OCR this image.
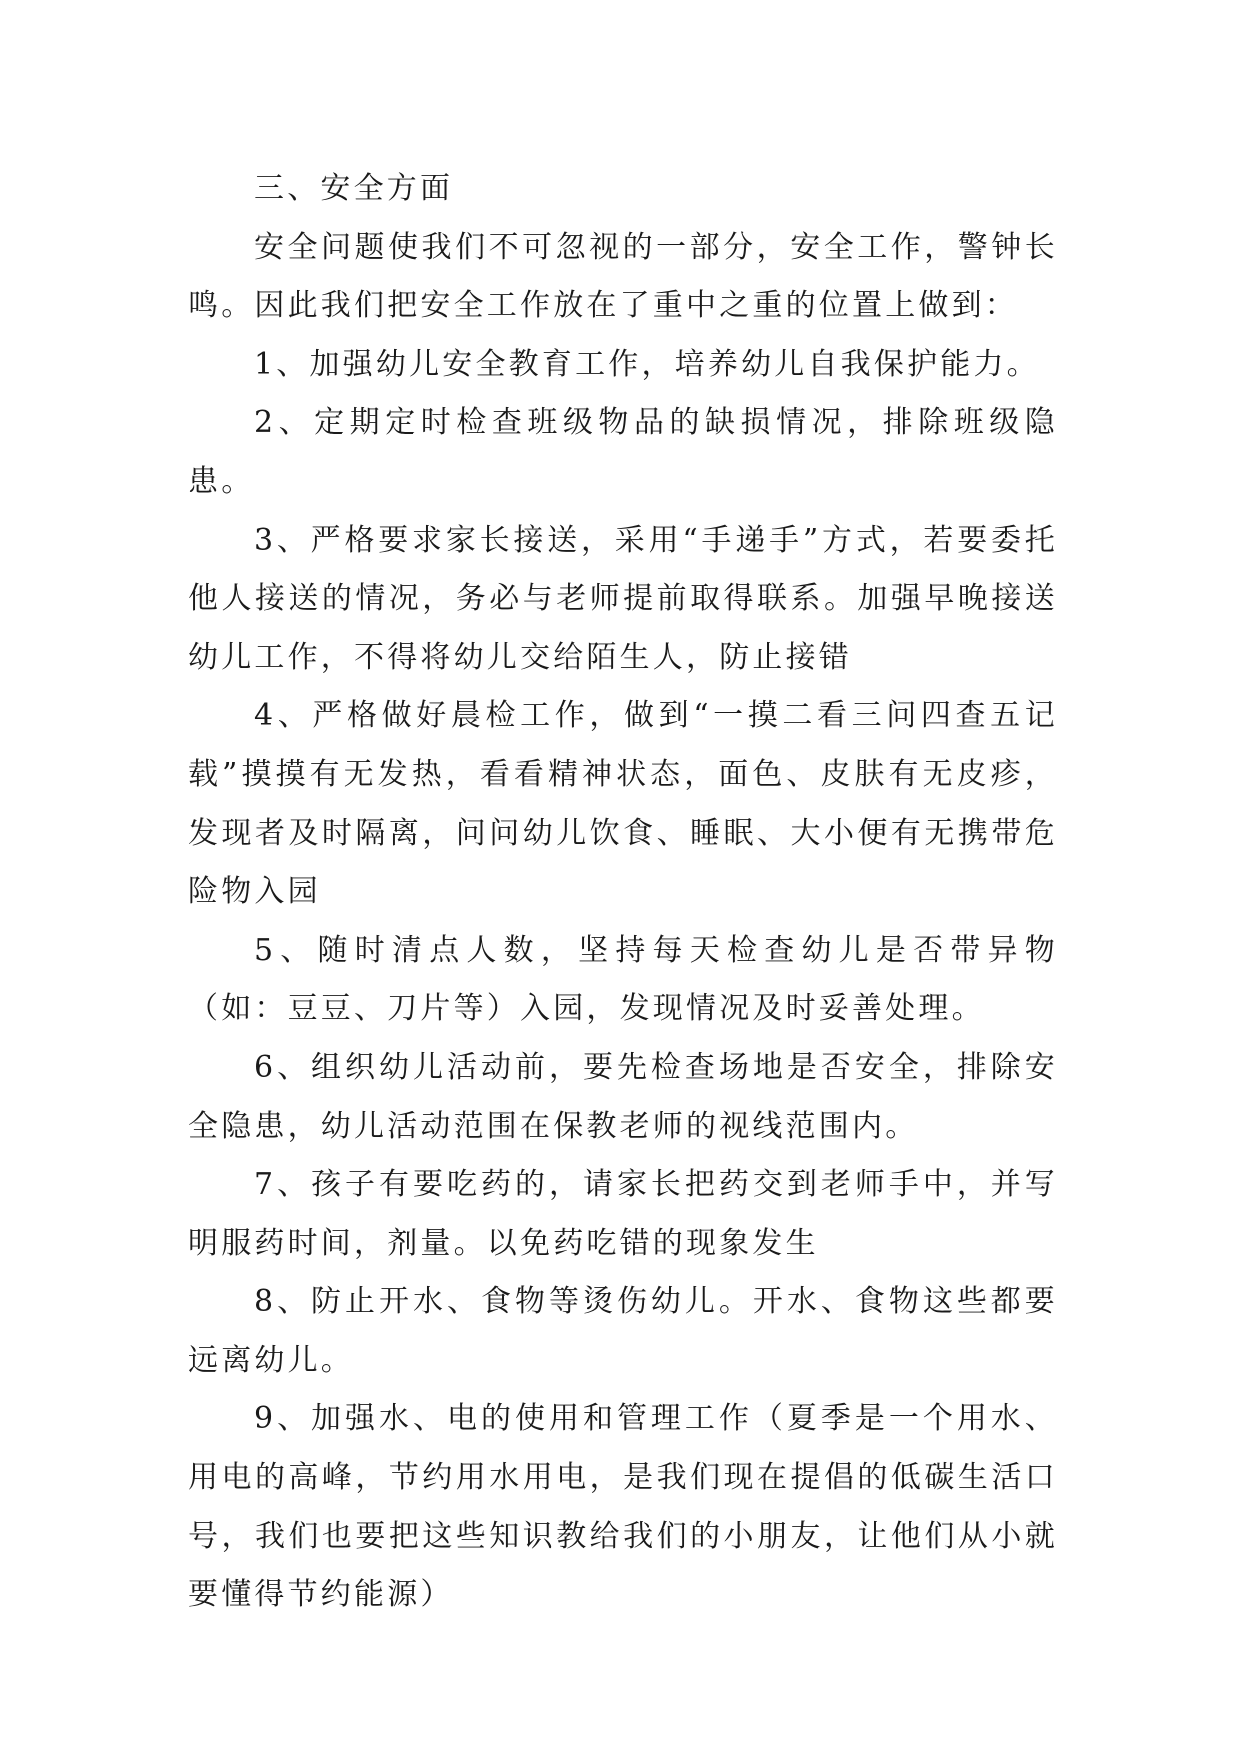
三、安全方面

安全问题使我们不可忽视的一部分，安全工作，警钟长鸣。因此我们把安全工作放在了重中之重的位置上做到：

1、加强幼儿安全教育工作，培养幼儿自我保护能力。

2、定期定时检查班级物品的缺损情况，排除班级隐患。

3、严格要求家长接送，采用“手递手”方式，若要委托他人接送的情况，务必与老师提前取得联系。加强早晚接送幼儿工作，不得将幼儿交给陌生人，防止接错

4、严格做好晨检工作，做到“一摸二看三问四查五记载”摸摸有无发热，看看精神状态，面色、皮肤有无皮疹，发现者及时隔离，问问幼儿饮食、睡眠、大小便有无携带危险物入园

5、随时清点人数，坚持每天检查幼儿是否带异物（如：豆豆、刀片等）入园，发现情况及时妥善处理。

6、组织幼儿活动前，要先检查场地是否安全，排除安全隐患，幼儿活动范围在保教老师的视线范围内。

7、孩子有要吃药的，请家长把药交到老师手中，并写明服药时间，剂量。以免药吃错的现象发生

8、防止开水、食物等烫伤幼儿。开水、食物这些都要远离幼儿。

9、加强水、电的使用和管理工作（夏季是一个用水、用电的高峰，节约用水用电，是我们现在提倡的低碳生活口号，我们也要把这些知识教给我们的小朋友，让他们从小就要懂得节约能源）
